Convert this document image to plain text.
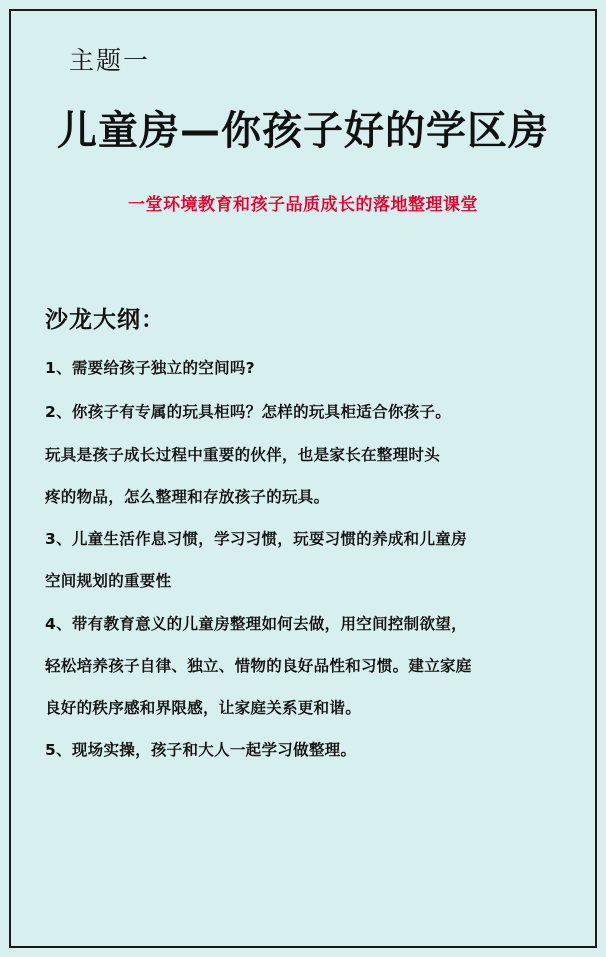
主题一
儿童房—你孩子好的学区房
一堂环境教育和孩子品质成长的落地整理课堂
沙龙大纲：
1、需要给孩子独立的空间吗?
2、你孩子有专属的玩具柜吗？怎样的玩具柜适合你孩子。
玩具是孩子成长过程中重要的伙伴，也是家长在整理时头
疼的物品，怎么整理和存放孩子的玩具。
3、儿童生活作息习惯，学习习惯，玩耍习惯的养成和儿童房
空间规划的重要性
4、带有教育意义的儿童房整理如何去做，用空间控制欲望，
轻松培养孩子自律、独立、惜物的良好品性和习惯。建立家庭
良好的秩序感和界限感，让家庭关系更和谐。
5、现场实操，孩子和大人一起学习做整理。
